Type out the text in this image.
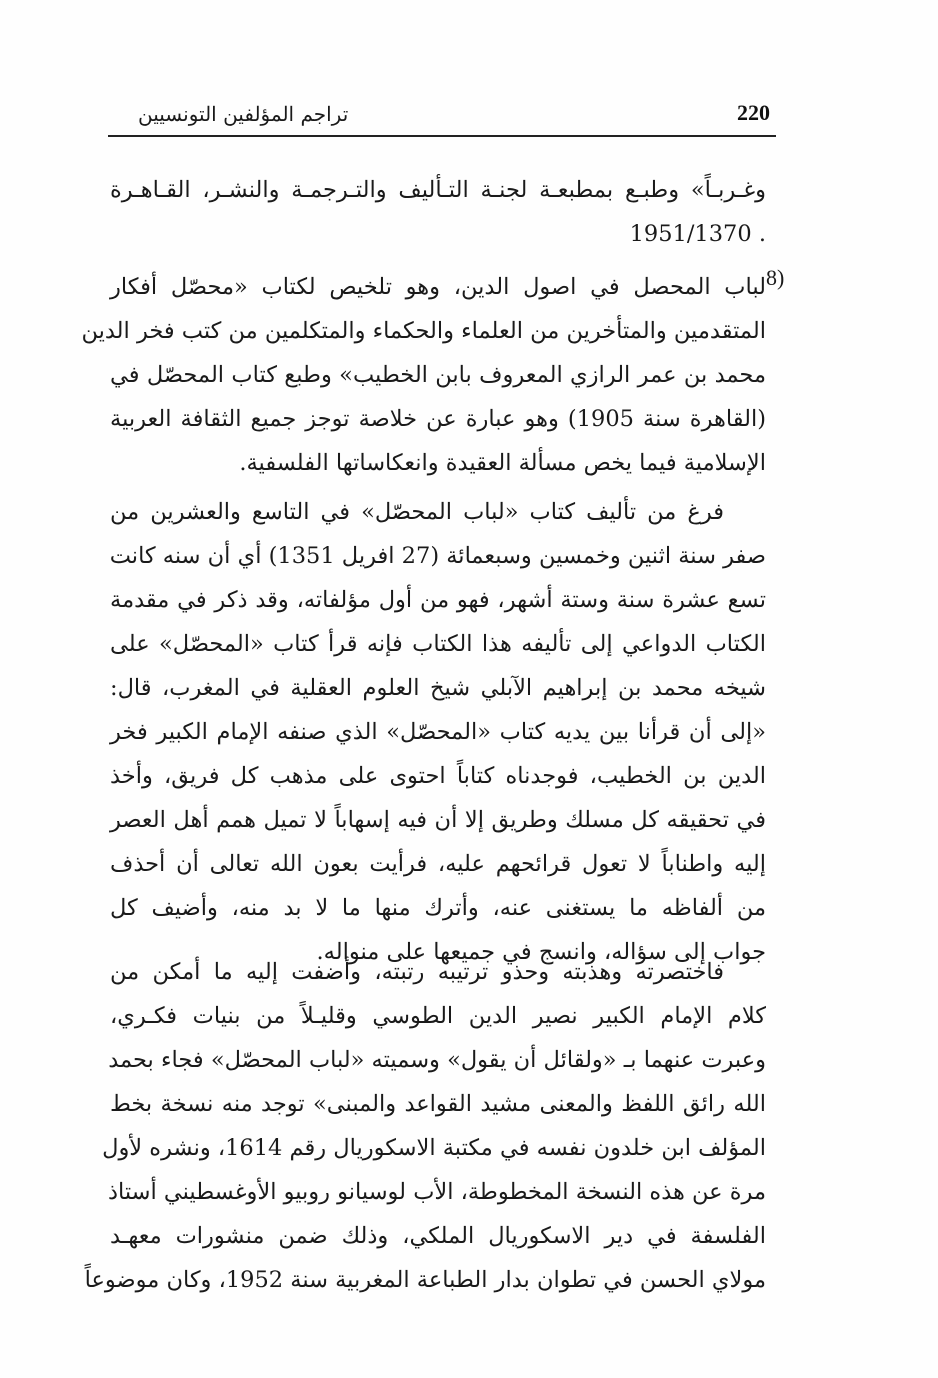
تراجم المؤلفين التونسيين	220
وغـربـاً» وطبـع بمطبعـة لجنـة التـأليف والتـرجمـة والنشـر، القـاهـرة
. 1951/1370
8)
لباب المحصل في اصول الدين، وهو تلخيص لكتاب «محصّل أفكار
المتقدمين والمتأخرين من العلماء والحكماء والمتكلمين من كتب فخر الدين
محمد بن عمر الرازي المعروف بابن الخطيب» وطبع كتاب المحصّل في
(القاهرة سنة 1905) وهو عبارة عن خلاصة توجز جميع الثقافة العربية
الإسلامية فيما يخص مسألة العقيدة وانعكاساتها الفلسفية.
فرغ من تأليف كتاب «لباب المحصّل» في التاسع والعشرين من
صفر سنة اثنين وخمسين وسبعمائة (27 افريل 1351) أي أن سنه كانت
تسع عشرة سنة وستة أشهر، فهو من أول مؤلفاته، وقد ذكر في مقدمة
الكتاب الدواعي إلى تأليفه هذا الكتاب فإنه قرأ كتاب «المحصّل» على
شيخه محمد بن إبراهيم الآبلي شيخ العلوم العقلية في المغرب، قال:
«إلى أن قرأنا بين يديه كتاب «المحصّل» الذي صنفه الإمام الكبير فخر
الدين بن الخطيب، فوجدناه كتاباً احتوى على مذهب كل فريق، وأخذ
في تحقيقه كل مسلك وطريق إلا أن فيه إسهاباً لا تميل همم أهل العصر
إليه واطناباً لا تعول قرائحهم عليه، فرأيت بعون الله تعالى أن أحذف
من ألفاظه ما يستغنى عنه، وأترك منها ما لا بد منه، وأضيف كل
جواب إلى سؤاله، وانسج في جميعها على منواله.
فاختصرته وهذبته وحذو ترتيبه رتبته، وأضفت إليه ما أمكن من
كلام الإمام الكبير نصير الدين الطوسي وقليـلاً من بنيات فكـري،
وعبرت عنهما بـ «ولقائل أن يقول» وسميته «لباب المحصّل» فجاء بحمد
الله رائق اللفظ والمعنى مشيد القواعد والمبنى» توجد منه نسخة بخط
المؤلف ابن خلدون نفسه في مكتبة الاسكوريال رقم 1614، ونشره لأول
مرة عن هذه النسخة المخطوطة، الأب لوسيانو روبيو الأوغسطيني أستاذ
الفلسفة في دير الاسكوريال الملكي، وذلك ضمن منشورات معهـد
مولاي الحسن في تطوان بدار الطباعة المغربية سنة 1952، وكان موضوعاً
